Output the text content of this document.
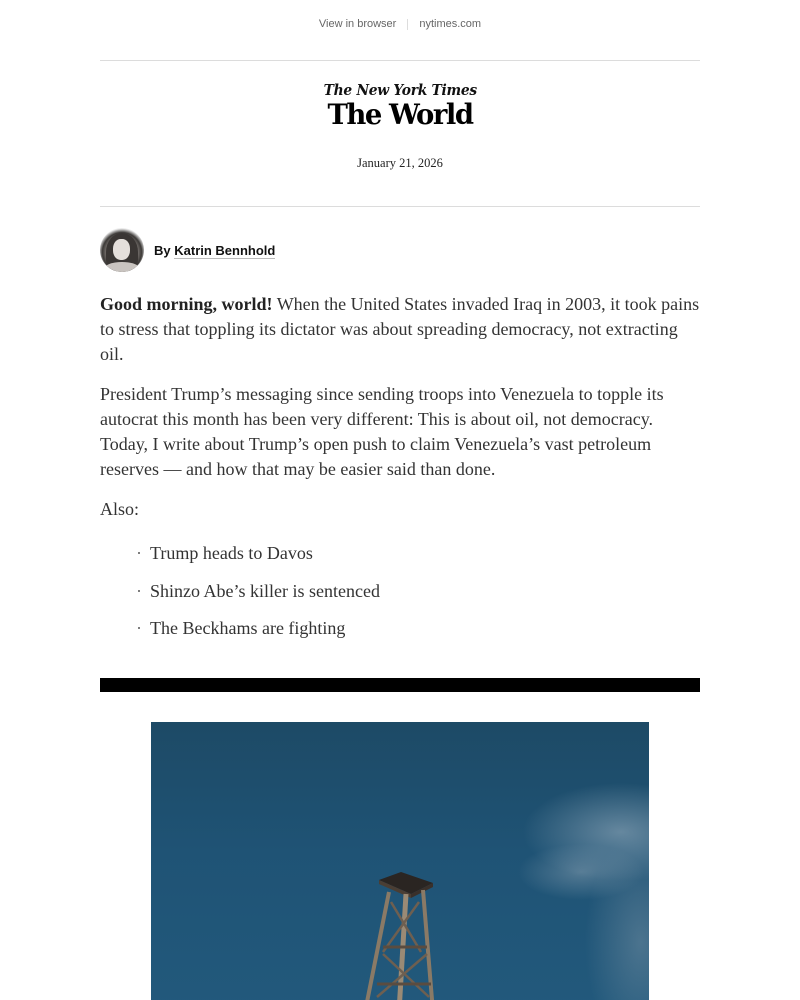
View in browser nytimes.com
The New York Times
The World
January 21, 2026
By Katrin Bennhold

Good morning, world! When the United States invaded Iraq in 2003, it took pains to stress that toppling its dictator was about spreading democracy, not extracting oil.

President Trump’s messaging since sending troops into Venezuela to topple its autocrat this month has been very different: This is about oil, not democracy. Today, I write about Trump’s open push to claim Venezuela’s vast petroleum reserves — and how that may be easier said than done.

Also:

Trump heads to Davos
Shinzo Abe’s killer is sentenced
The Beckhams are fighting
